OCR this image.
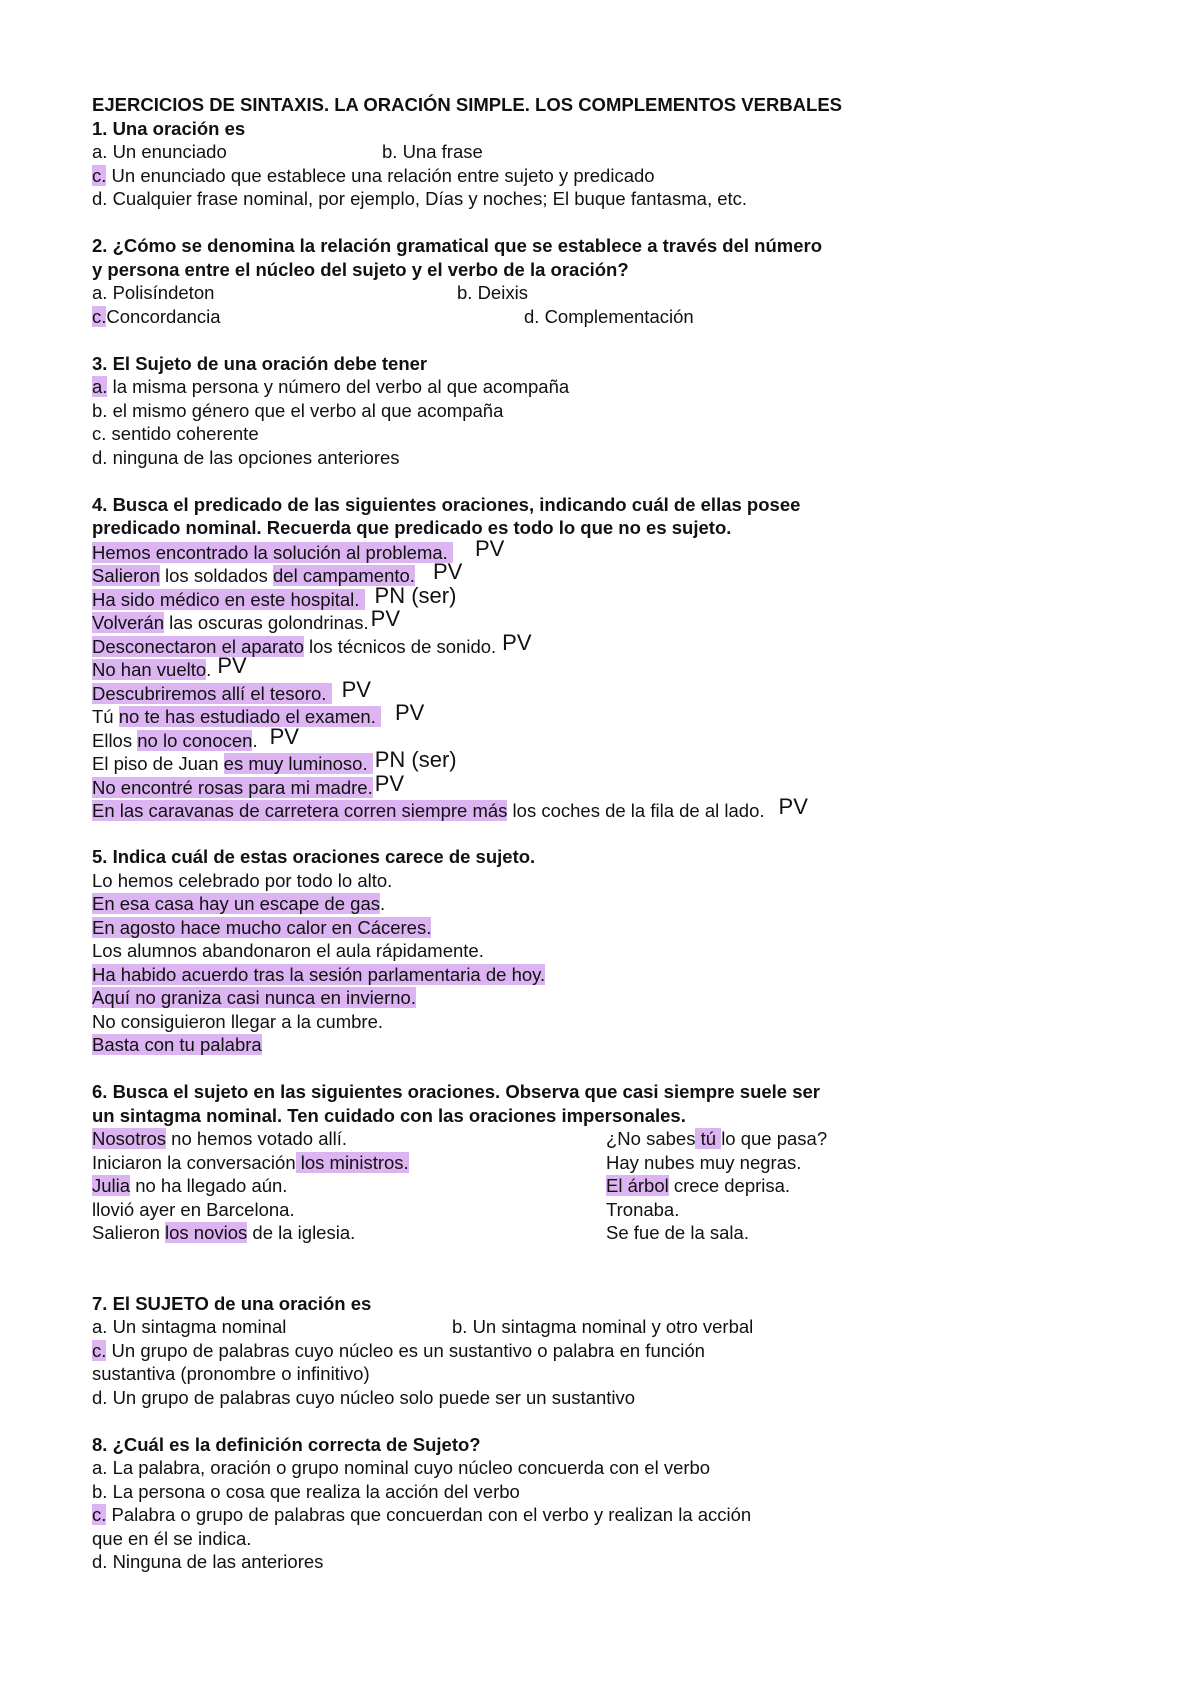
EJERCICIOS DE SINTAXIS. LA ORACIÓN SIMPLE. LOS COMPLEMENTOS VERBALES
1. Una oración es
a. Un enunciado	b. Una frase
c. Un enunciado que establece una relación entre sujeto y predicado
d. Cualquier frase nominal, por ejemplo, Días y noches; El buque fantasma, etc.
2. ¿Cómo se denomina la relación gramatical que se establece a través del número
y persona entre el núcleo del sujeto y el verbo de la oración?
a. Polisíndeton	b. Deixis
c.Concordancia	d. Complementación
3. El Sujeto de una oración debe tener
a. la misma persona y número del verbo al que acompaña
b. el mismo género que el verbo al que acompaña
c. sentido coherente
d. ninguna de las opciones anteriores
4. Busca el predicado de las siguientes oraciones, indicando cuál de ellas posee
predicado nominal. Recuerda que predicado es todo lo que no es sujeto.
Hemos encontrado la solución al problema. PV
Salieron los soldados del campamento. PV
Ha sido médico en este hospital. PN (ser)
Volverán las oscuras golondrinas.PV
Desconectaron el aparato los técnicos de sonido. PV
No han vuelto. PV
Descubriremos allí el tesoro. PV
Tú no te has estudiado el examen. PV
Ellos no lo conocen. PV
El piso de Juan es muy luminoso. PN (ser)
No encontré rosas para mi madre.PV
En las caravanas de carretera corren siempre más los coches de la fila de al lado. PV
5. Indica cuál de estas oraciones carece de sujeto.
Lo hemos celebrado por todo lo alto.
En esa casa hay un escape de gas.
En agosto hace mucho calor en Cáceres.
Los alumnos abandonaron el aula rápidamente.
Ha habido acuerdo tras la sesión parlamentaria de hoy.
Aquí no graniza casi nunca en invierno.
No consiguieron llegar a la cumbre.
Basta con tu palabra
6. Busca el sujeto en las siguientes oraciones. Observa que casi siempre suele ser
un sintagma nominal. Ten cuidado con las oraciones impersonales.
Nosotros no hemos votado allí.	¿No sabes tú lo que pasa?
Iniciaron la conversación los ministros.	Hay nubes muy negras.
Julia no ha llegado aún.	El árbol crece deprisa.
llovió ayer en Barcelona.	Tronaba.
Salieron los novios de la iglesia.	Se fue de la sala.
7. El SUJETO de una oración es
a. Un sintagma nominal	b. Un sintagma nominal y otro verbal
c. Un grupo de palabras cuyo núcleo es un sustantivo o palabra en función
sustantiva (pronombre o infinitivo)
d. Un grupo de palabras cuyo núcleo solo puede ser un sustantivo
8. ¿Cuál es la definición correcta de Sujeto?
a. La palabra, oración o grupo nominal cuyo núcleo concuerda con el verbo
b. La persona o cosa que realiza la acción del verbo
c. Palabra o grupo de palabras que concuerdan con el verbo y realizan la acción
que en él se indica.
d. Ninguna de las anteriores
